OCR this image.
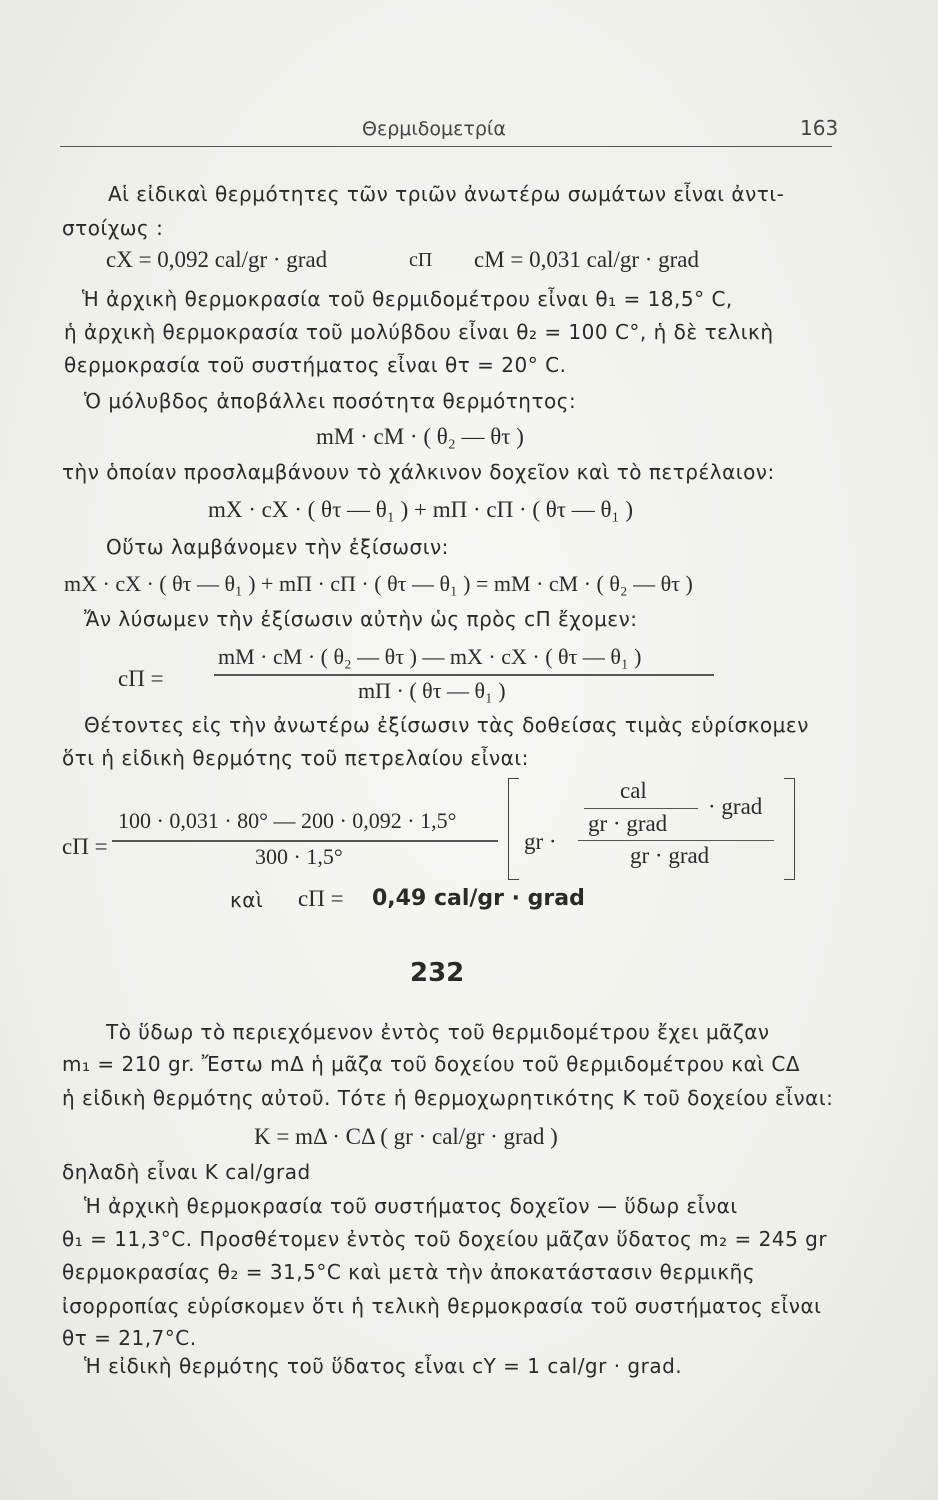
Θερμιδομετρία	163
Αἱ εἰδικαὶ θερμότητες τῶν τριῶν ἀνωτέρω σωμάτων εἶναι ἀντι-
στοίχως :
cX = 0,092 cal/gr · grad	cΠ cM = 0,031 cal/gr · grad
Ἡ ἀρχικὴ θερμοκρασία τοῦ θερμιδομέτρου εἶναι θ₁ = 18,5° C,
ἡ ἀρχικὴ θερμοκρασία τοῦ μολύβδου εἶναι θ₂ = 100 C°, ἡ δὲ τελικὴ
θερμοκρασία τοῦ συστήματος εἶναι θτ = 20° C.
Ὁ μόλυβδος ἀποβάλλει ποσότητα θερμότητος:
mM · cM · ( θ₂ — θτ )
τὴν ὁποίαν προσλαμβάνουν τὸ χάλκινον δοχεῖον καὶ τὸ πετρέλαιον:
mX · cX · ( θτ — θ₁ ) + mΠ · cΠ · ( θτ — θ₁ )
Οὕτω λαμβάνομεν τὴν ἐξίσωσιν:
mX · cX · ( θτ — θ₁ ) + mΠ · cΠ · ( θτ — θ₁ ) = mM · cM · ( θ₂ — θτ )
Ἄν λύσωμεν τὴν ἐξίσωσιν αὐτὴν ὡς πρὸς cΠ ἔχομεν:
cΠ =
mM · cM · ( θ₂ — θτ ) — mX · cX · ( θτ — θ₁ )
mΠ · ( θτ — θ₁ )
Θέτοντες εἰς τὴν ἀνωτέρω ἐξίσωσιν τὰς δοθείσας τιμὰς εὑρίσκομεν
ὅτι ἡ εἰδικὴ θερμότης τοῦ πετρελαίου εἶναι:
cΠ =
100 · 0,031 · 80° — 200 · 0,092 · 1,5°
300 · 1,5°
cal
· grad
gr · grad
gr ·
gr · grad
καὶ cΠ = 0,49 cal/gr · grad
232
Τὸ ὕδωρ τὸ περιεχόμενον ἐντὸς τοῦ θερμιδομέτρου ἔχει μᾶζαν
m₁ = 210 gr. Ἔστω mΔ ἡ μᾶζα τοῦ δοχείου τοῦ θερμιδομέτρου καὶ CΔ
ἡ εἰδικὴ θερμότης αὐτοῦ. Τότε ἡ θερμοχωρητικότης K τοῦ δοχείου εἶναι:
K = mΔ · CΔ ( gr · cal/gr · grad )
δηλαδὴ εἶναι K cal/grad
Ἡ ἀρχικὴ θερμοκρασία τοῦ συστήματος δοχεῖον — ὕδωρ εἶναι
θ₁ = 11,3°C. Προσθέτομεν ἐντὸς τοῦ δοχείου μᾶζαν ὕδατος m₂ = 245 gr
θερμοκρασίας θ₂ = 31,5°C καὶ μετὰ τὴν ἀποκατάστασιν θερμικῆς
ἰσορροπίας εὑρίσκομεν ὅτι ἡ τελικὴ θερμοκρασία τοῦ συστήματος εἶναι
θτ = 21,7°C.
Ἡ εἰδικὴ θερμότης τοῦ ὕδατος εἶναι cΥ = 1 cal/gr · grad.
